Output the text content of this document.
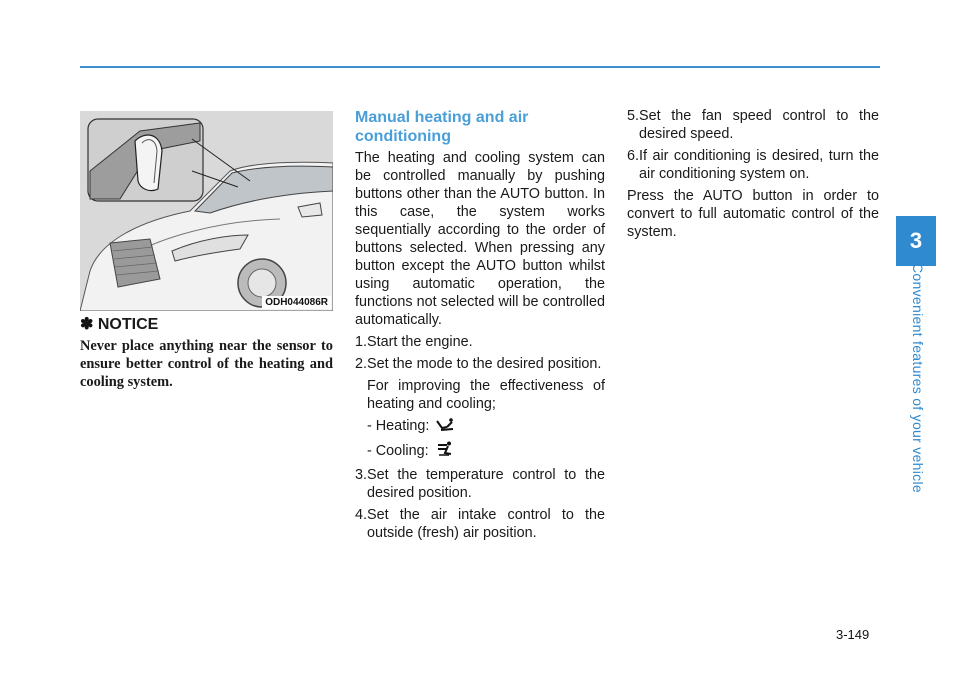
ODH044086R
✽ NOTICE

Never place anything near the sensor to ensure better control of the heating and cooling system.

Manual heating and air conditioning

The heating and cooling system can be controlled manually by pushing buttons other than the AUTO button. In this case, the system works sequentially according to the order of buttons selected. When pressing any button except the AUTO button whilst using automatic operation, the functions not selected will be controlled automatically.

1.Start the engine.

2.Set the mode to the desired position.

For improving the effectiveness of heating and cooling;

- Heating:

- Cooling:

3.Set the temperature control to the desired position.

4.Set the air intake control to the outside (fresh) air position.

5.Set the fan speed control to the desired speed.

6.If air conditioning is desired, turn the air conditioning system on.

Press the AUTO button in order to convert to full automatic control of the system.	3
Convenient features of your vehicle
3-149
